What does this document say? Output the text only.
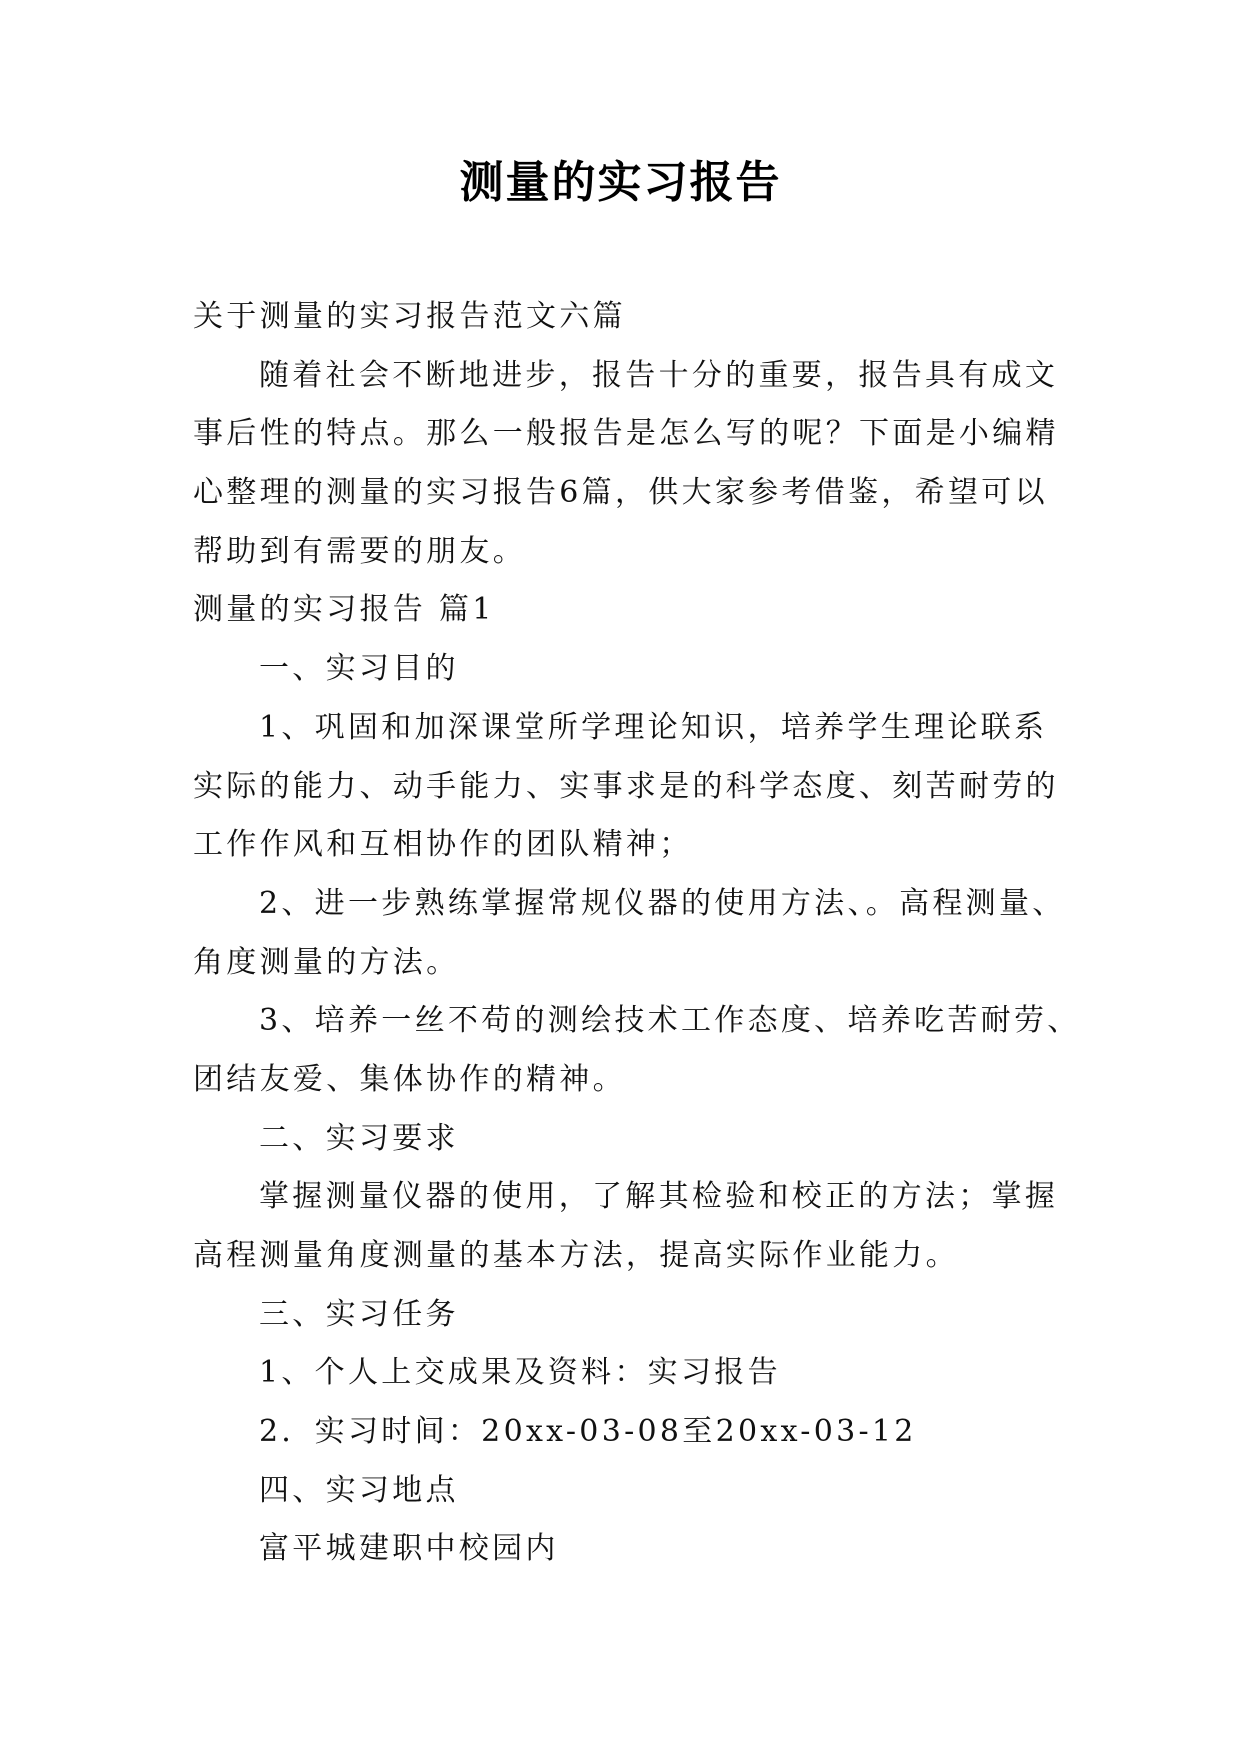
测量的实习报告
关于测量的实习报告范文六篇
随着社会不断地进步，报告十分的重要，报告具有成文
事后性的特点。那么一般报告是怎么写的呢？下面是小编精
心整理的测量的实习报告6篇，供大家参考借鉴，希望可以
帮助到有需要的朋友。
测量的实习报告 篇1
一、实习目的
1、巩固和加深课堂所学理论知识，培养学生理论联系
实际的能力、动手能力、实事求是的科学态度、刻苦耐劳的
工作作风和互相协作的团队精神；
2、进一步熟练掌握常规仪器的使用方法、。高程测量、
角度测量的方法。
3、培养一丝不苟的测绘技术工作态度、培养吃苦耐劳、
团结友爱、集体协作的精神。
二、实习要求
掌握测量仪器的使用，了解其检验和校正的方法；掌握
高程测量角度测量的基本方法，提高实际作业能力。
三、实习任务
1、个人上交成果及资料：实习报告
2．实习时间：20xx-03-08至20xx-03-12
四、实习地点
富平城建职中校园内
